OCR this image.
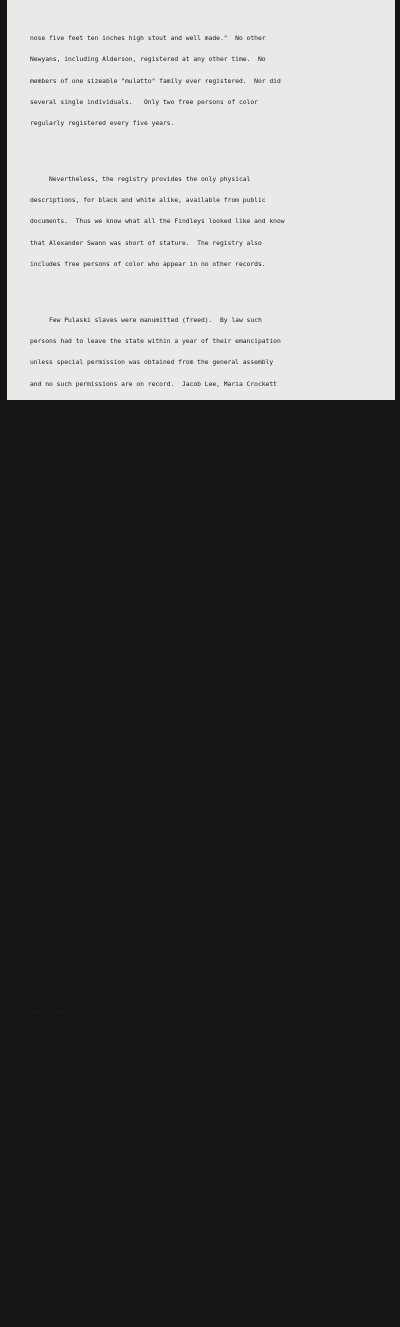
nose five feet ten inches high stout and well made."  No other

Newyans, including Alderson, registered at any other time.  No

members of one sizeable "mulatto" family ever registered.  Nor did

several single individuals.   Only two free persons of color

regularly registered every five years.

Nevertheless, the registry provides the only physical

descriptions, for black and white alike, available from public

documents.  Thus we know what all the Findleys looked like and know

that Alexander Swann was short of stature.  The registry also

includes free persons of color who appear in no other records.

Few Pulaski slaves were manumitted (freed).  By law such

persons had to leave the state within a year of their emancipation

unless special permission was obtained from the general assembly

and no such permissions are on record.  Jacob Lee, Maria Crockett

and her eight children, freed by the terms of James Rankin's will,

account for over half of the known total of slaves manumitted.

At his death, Henry Patton devised Edmund, George, and Phillis

to his wife Eleanor, with the provision that they go to a daughter

upon Eleanor's death.  Eleanor, who lived next to the large Findley

family of free persons of color, circumvented Henry's plan by

manumitting George and Phillis (no mention of Edmund) in 1859.

They did not register with the county, but their manumission papers

were sent to JB Alexander, a prominent resident and alsewomen of

Newbern.  John Caddall freed a slave named Jupiter in 1856; Jacob

Shearman freed Isaac Franklin in 1849 and Sarah by the terms of his

1862 will.  Thomas and Juda Ingram, who first appear on the 1850

and 1860 census respectively, may well have been freed by the white

Ingram family.  The appraisal of Sarah Ingram's estate in 1839 did

include slaves by those names but that, and the similarity of

surname, is the only known supporting documentation.

The Virginia State Archives contain the petitions of two of

Pulaski's three free persons of color who "voluntarily" asked to be

re-enslaved.  Charlotte Pate, inherited and then freed by John

Vermillion, apparently preferred re-enslavement rather than being

forced to leave the state.  So too did Frank Harman.  In 1859

Elizabeth Ratliff also petitioned for re-enslavement; the document

is not included in the state archives.  (See Chapter 6.)

ORAL TRADITION

Names and ages and even family relationships shed only a dim

light on the personalities of Pulaski's bondsmen.  Family oral

traditions, such as those utilized by Alex Haley in Roots,

are essential sources for that information and, occasionally, glimpses

of such "legends" seep out of the family domain and into public

viewing.  Thus E.P. Whitman, in his memoirs of Pulaski County, made

brief reference to the legend of the "first" Cicero Maxby, an

African who, although a slave, carried himself with the pomp and

dignity befitting his princely origins."  Family tradition has the

first known Green Hendricks coming to Pulaski, as a slave, from

North Carolina.  Family tradition also has Singleton Hunter (and

his sister) being brought to America from Africa each owning only
